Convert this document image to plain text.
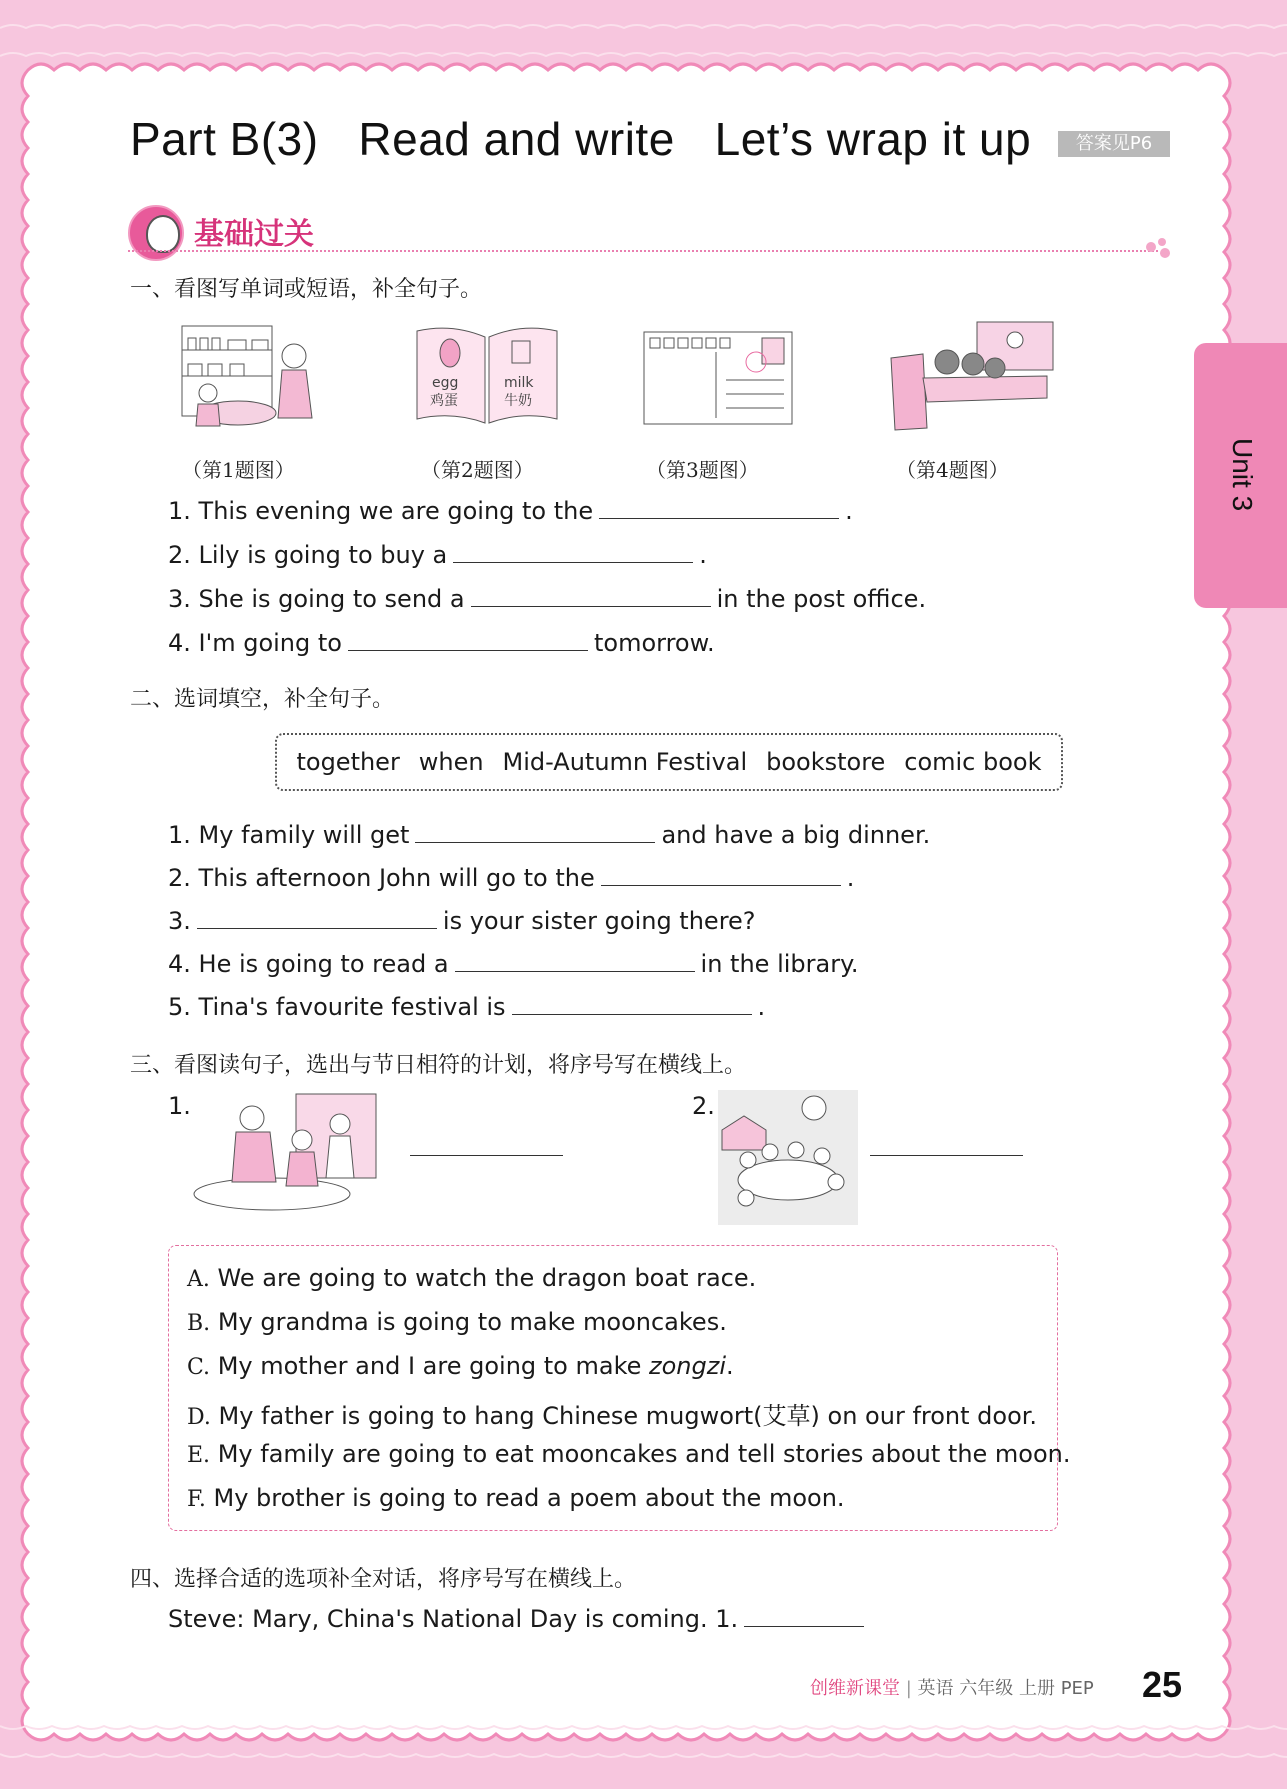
Part B(3)   Read and write   Let’s wrap it up	答案见P6
基础过关
Unit 3
一、看图写单词或短语，补全句子。
egg
鸡蛋
milk
牛奶
（第1题图）	（第2题图）	（第3题图）	（第4题图）
1. This evening we are going to the	.
2. Lily is going to buy a	.
3. She is going to send a	in the post office.
4. I'm going to	tomorrow.
二、选词填空，补全句子。
together when Mid-Autumn Festival bookstore comic book
1. My family will get	and have a big dinner.
2. This afternoon John will go to the	.
3.	is your sister going there?
4. He is going to read a	in the library.
5. Tina's favourite festival is	.
三、看图读句子，选出与节日相符的计划，将序号写在横线上。
1.	2.
A. We are going to watch the dragon boat race.
B. My grandma is going to make mooncakes.
C. My mother and I are going to make zongzi.
D. My father is going to hang Chinese mugwort(艾草) on our front door.
E. My family are going to eat mooncakes and tell stories about the moon.
F. My brother is going to read a poem about the moon.
四、选择合适的选项补全对话，将序号写在横线上。
Steve: Mary, China's National Day is coming. 1.
创维新课堂 | 英语 六年级 上册 PEP 25
